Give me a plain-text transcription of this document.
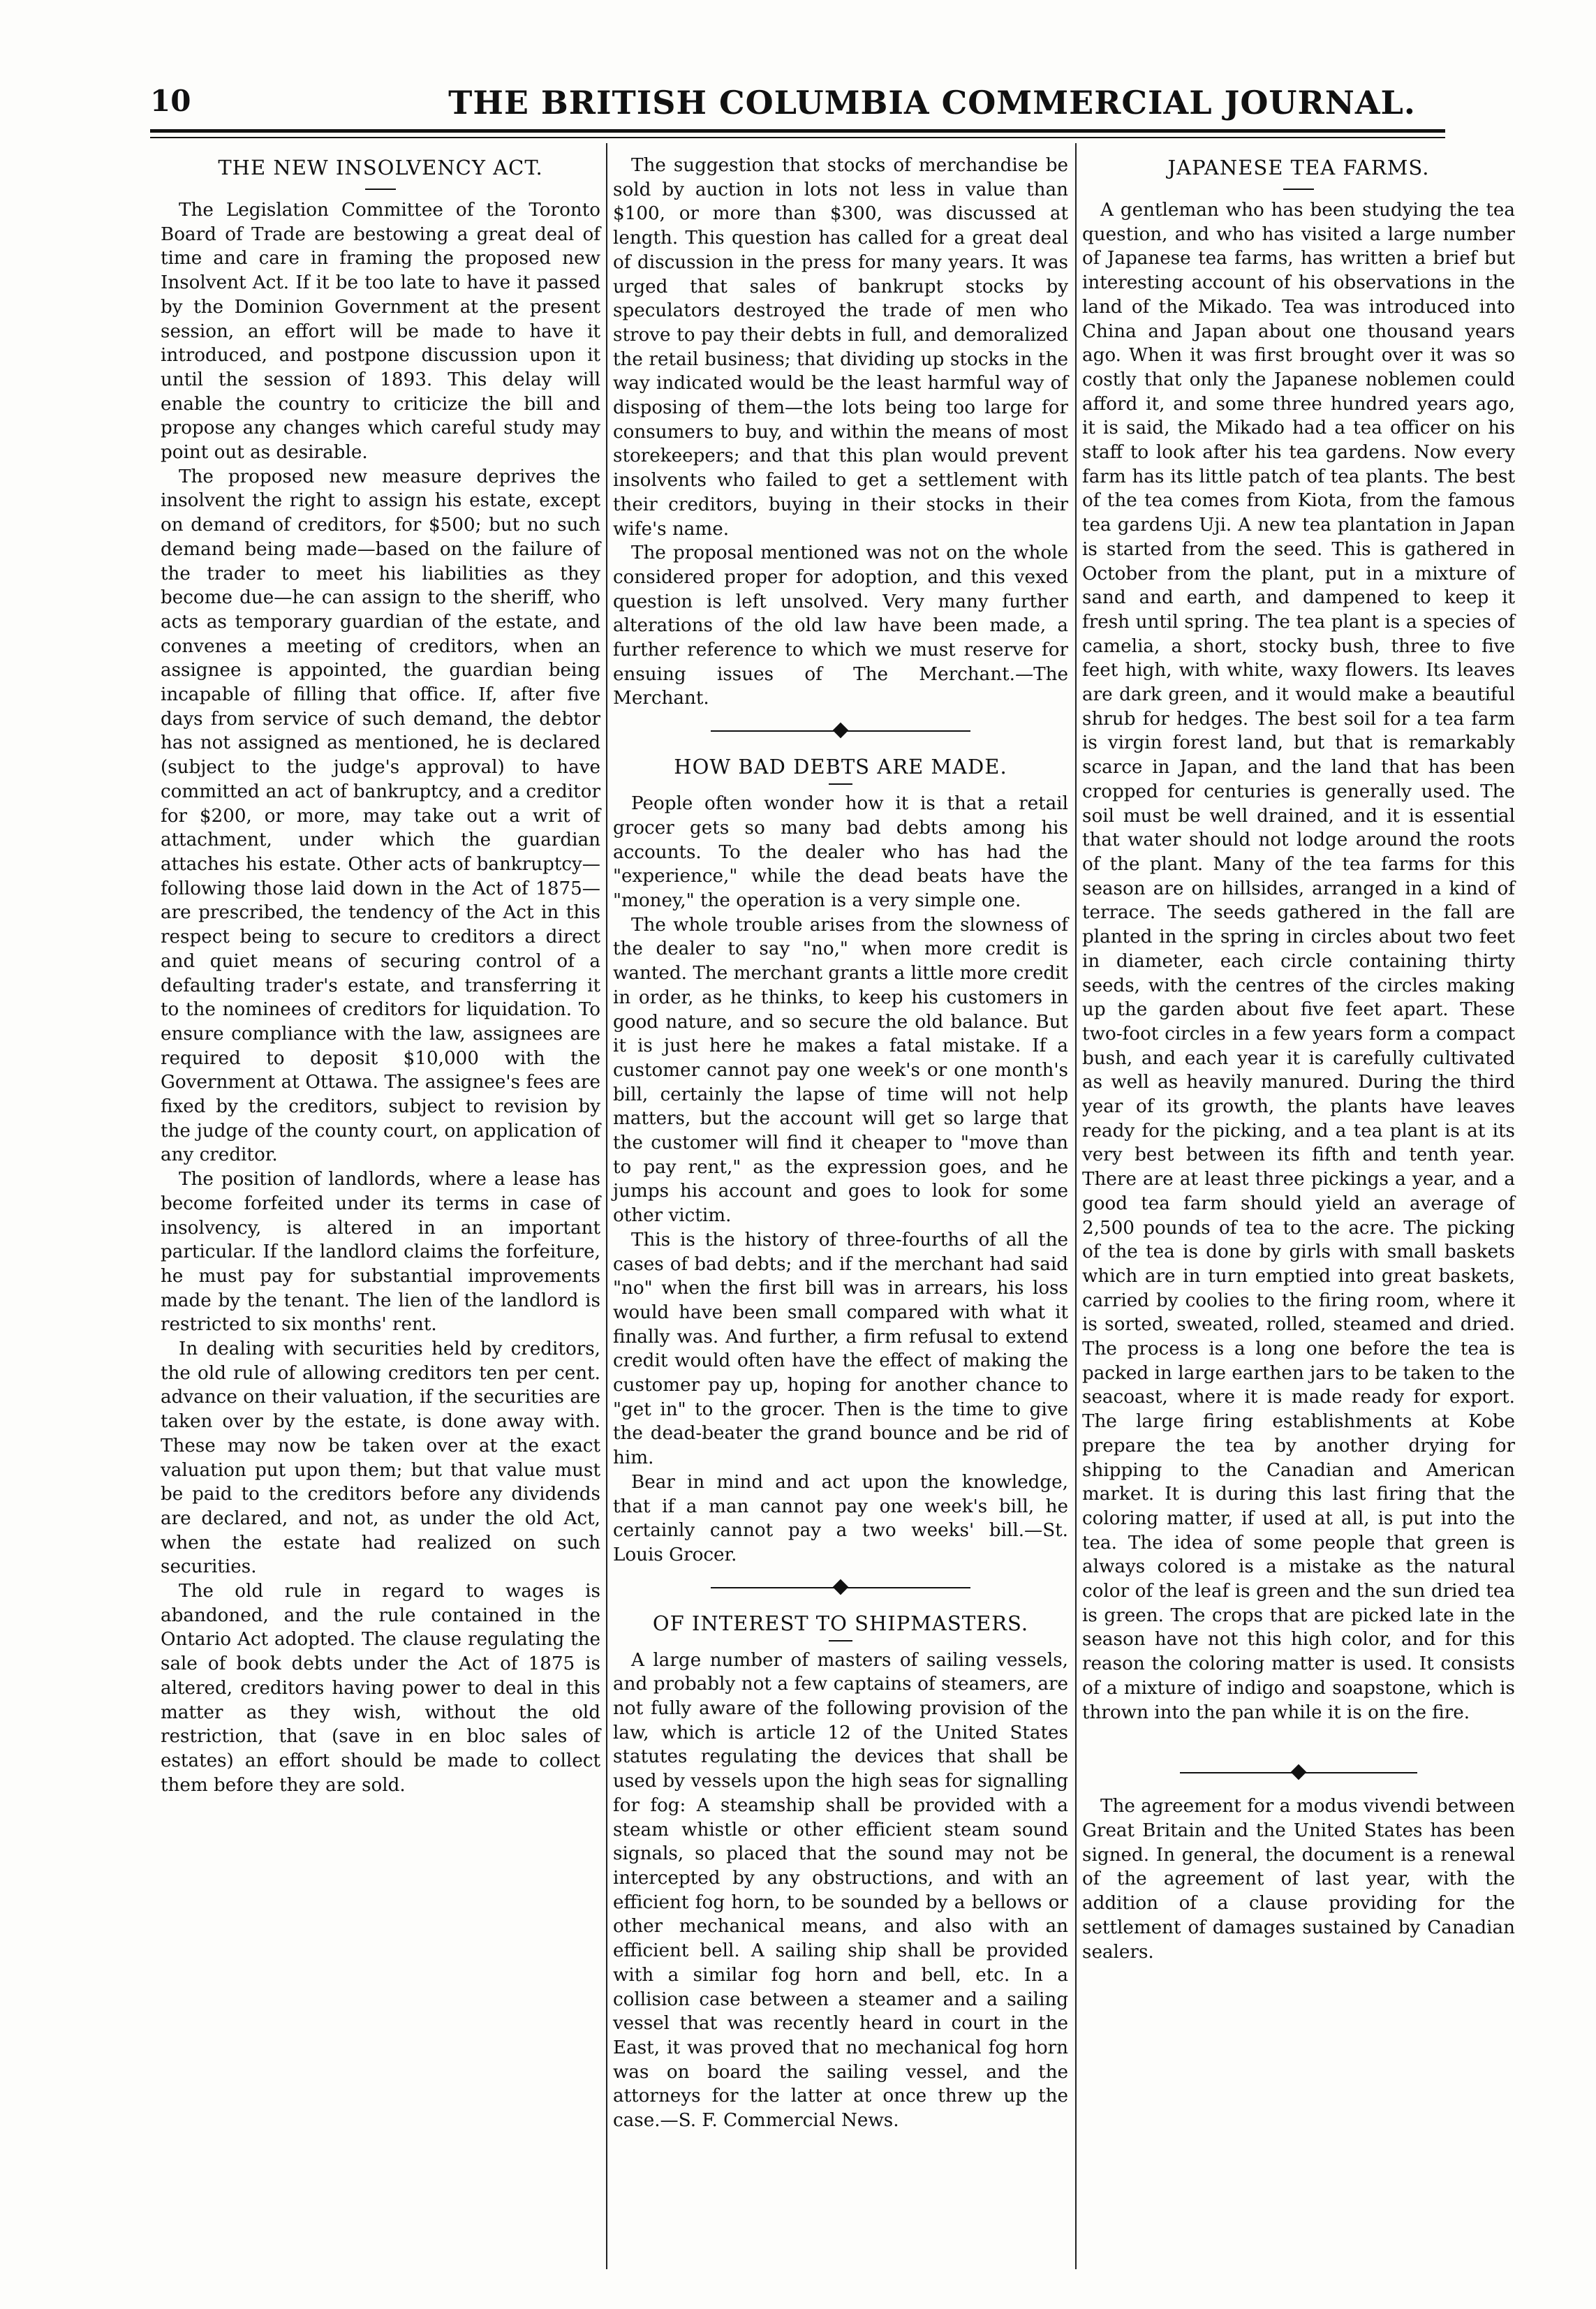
10	THE BRITISH COLUMBIA COMMERCIAL JOURNAL.
THE NEW INSOLVENCY ACT.

The Legislation Committee of the Toronto Board of Trade are bestowing a great deal of time and care in framing the proposed new Insolvent Act. If it be too late to have it passed by the Dominion Government at the present session, an effort will be made to have it introduced, and postpone discussion upon it until the session of 1893. This delay will enable the country to criticize the bill and propose any changes which careful study may point out as desirable.

The proposed new measure deprives the insolvent the right to assign his estate, except on demand of creditors, for $500; but no such demand being made—based on the failure of the trader to meet his liabilities as they become due—he can assign to the sheriff, who acts as temporary guardian of the estate, and convenes a meeting of creditors, when an assignee is appointed, the guardian being incapable of filling that office. If, after five days from service of such demand, the debtor has not assigned as mentioned, he is declared (subject to the judge's approval) to have committed an act of bankruptcy, and a creditor for $200, or more, may take out a writ of attachment, under which the guardian attaches his estate. Other acts of bankruptcy—following those laid down in the Act of 1875—are prescribed, the tendency of the Act in this respect being to secure to creditors a direct and quiet means of securing control of a defaulting trader's estate, and transferring it to the nominees of creditors for liquidation. To ensure compliance with the law, assignees are required to deposit $10,000 with the Government at Ottawa. The assignee's fees are fixed by the creditors, subject to revision by the judge of the county court, on application of any creditor.

The position of landlords, where a lease has become forfeited under its terms in case of insolvency, is altered in an important particular. If the landlord claims the forfeiture, he must pay for substantial improvements made by the tenant. The lien of the landlord is restricted to six months' rent.

In dealing with securities held by creditors, the old rule of allowing creditors ten per cent. advance on their valuation, if the securities are taken over by the estate, is done away with. These may now be taken over at the exact valuation put upon them; but that value must be paid to the creditors before any dividends are declared, and not, as under the old Act, when the estate had realized on such securities.

The old rule in regard to wages is abandoned, and the rule contained in the Ontario Act adopted. The clause regulating the sale of book debts under the Act of 1875 is altered, creditors having power to deal in this matter as they wish, without the old restriction, that (save in en bloc sales of estates) an effort should be made to collect them before they are sold.

The suggestion that stocks of merchandise be sold by auction in lots not less in value than $100, or more than $300, was discussed at length. This question has called for a great deal of discussion in the press for many years. It was urged that sales of bankrupt stocks by speculators destroyed the trade of men who strove to pay their debts in full, and demoralized the retail business; that dividing up stocks in the way indicated would be the least harmful way of disposing of them—the lots being too large for consumers to buy, and within the means of most storekeepers; and that this plan would prevent insolvents who failed to get a settlement with their creditors, buying in their stocks in their wife's name.

The proposal mentioned was not on the whole considered proper for adoption, and this vexed question is left unsolved. Very many further alterations of the old law have been made, a further reference to which we must reserve for ensuing issues of The Merchant.—The Merchant.

HOW BAD DEBTS ARE MADE.

People often wonder how it is that a retail grocer gets so many bad debts among his accounts. To the dealer who has had the "experience," while the dead beats have the "money," the operation is a very simple one.

The whole trouble arises from the slowness of the dealer to say "no," when more credit is wanted. The merchant grants a little more credit in order, as he thinks, to keep his customers in good nature, and so secure the old balance. But it is just here he makes a fatal mistake. If a customer cannot pay one week's or one month's bill, certainly the lapse of time will not help matters, but the account will get so large that the customer will find it cheaper to "move than to pay rent," as the expression goes, and he jumps his account and goes to look for some other victim.

This is the history of three-fourths of all the cases of bad debts; and if the merchant had said "no" when the first bill was in arrears, his loss would have been small compared with what it finally was. And further, a firm refusal to extend credit would often have the effect of making the customer pay up, hoping for another chance to "get in" to the grocer. Then is the time to give the dead-beater the grand bounce and be rid of him.

Bear in mind and act upon the knowledge, that if a man cannot pay one week's bill, he certainly cannot pay a two weeks' bill.—St. Louis Grocer.

OF INTEREST TO SHIPMASTERS.

A large number of masters of sailing vessels, and probably not a few captains of steamers, are not fully aware of the following provision of the law, which is article 12 of the United States statutes regulating the devices that shall be used by vessels upon the high seas for signalling for fog: A steamship shall be provided with a steam whistle or other efficient steam sound signals, so placed that the sound may not be intercepted by any obstructions, and with an efficient fog horn, to be sounded by a bellows or other mechanical means, and also with an efficient bell. A sailing ship shall be provided with a similar fog horn and bell, etc. In a collision case between a steamer and a sailing vessel that was recently heard in court in the East, it was proved that no mechanical fog horn was on board the sailing vessel, and the attorneys for the latter at once threw up the case.—S. F. Commercial News.

JAPANESE TEA FARMS.

A gentleman who has been studying the tea question, and who has visited a large number of Japanese tea farms, has written a brief but interesting account of his observations in the land of the Mikado. Tea was introduced into China and Japan about one thousand years ago. When it was first brought over it was so costly that only the Japanese noblemen could afford it, and some three hundred years ago, it is said, the Mikado had a tea officer on his staff to look after his tea gardens. Now every farm has its little patch of tea plants. The best of the tea comes from Kiota, from the famous tea gardens Uji. A new tea plantation in Japan is started from the seed. This is gathered in October from the plant, put in a mixture of sand and earth, and dampened to keep it fresh until spring. The tea plant is a species of camelia, a short, stocky bush, three to five feet high, with white, waxy flowers. Its leaves are dark green, and it would make a beautiful shrub for hedges. The best soil for a tea farm is virgin forest land, but that is remarkably scarce in Japan, and the land that has been cropped for centuries is generally used. The soil must be well drained, and it is essential that water should not lodge around the roots of the plant. Many of the tea farms for this season are on hillsides, arranged in a kind of terrace. The seeds gathered in the fall are planted in the spring in circles about two feet in diameter, each circle containing thirty seeds, with the centres of the circles making up the garden about five feet apart. These two-foot circles in a few years form a compact bush, and each year it is carefully cultivated as well as heavily manured. During the third year of its growth, the plants have leaves ready for the picking, and a tea plant is at its very best between its fifth and tenth year. There are at least three pickings a year, and a good tea farm should yield an average of 2,500 pounds of tea to the acre. The picking of the tea is done by girls with small baskets which are in turn emptied into great baskets, carried by coolies to the firing room, where it is sorted, sweated, rolled, steamed and dried. The process is a long one before the tea is packed in large earthen jars to be taken to the seacoast, where it is made ready for export. The large firing establishments at Kobe prepare the tea by another drying for shipping to the Canadian and American market. It is during this last firing that the coloring matter, if used at all, is put into the tea. The idea of some people that green is always colored is a mistake as the natural color of the leaf is green and the sun dried tea is green. The crops that are picked late in the season have not this high color, and for this reason the coloring matter is used. It consists of a mixture of indigo and soapstone, which is thrown into the pan while it is on the fire.

The agreement for a modus vivendi between Great Britain and the United States has been signed. In general, the document is a renewal of the agreement of last year, with the addition of a clause providing for the settlement of damages sustained by Canadian sealers.
